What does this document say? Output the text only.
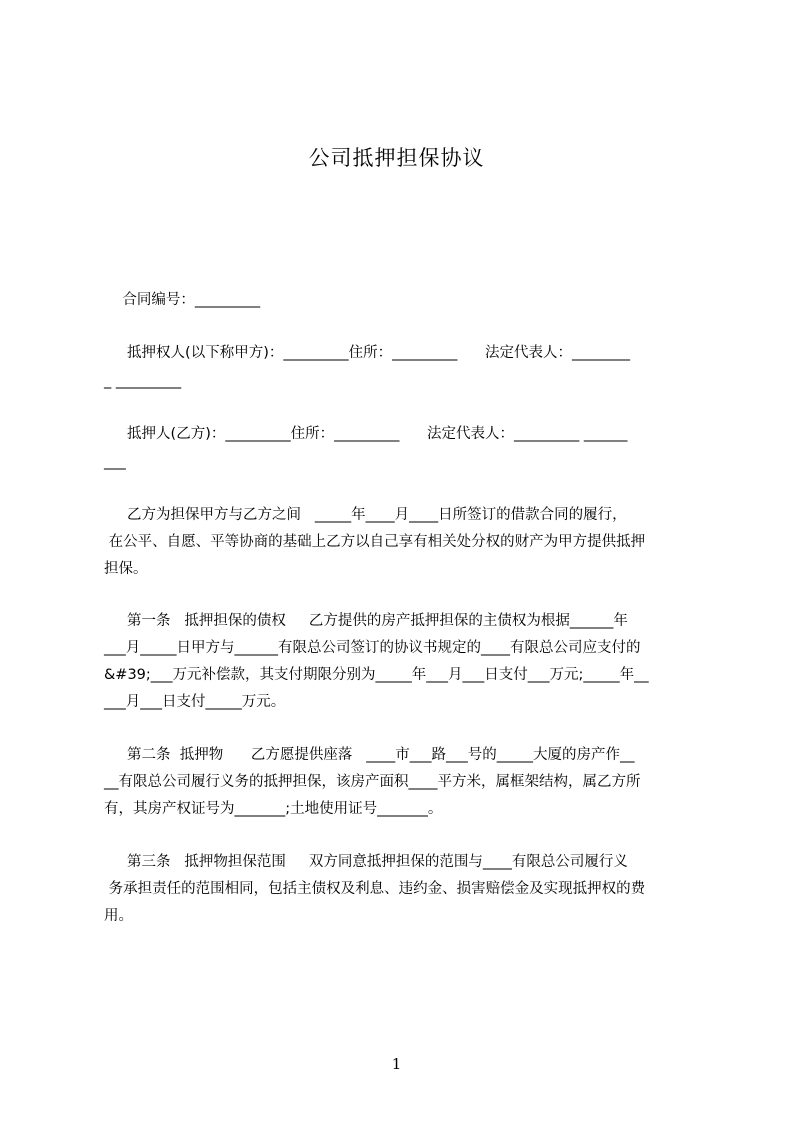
公司抵押担保协议
合同编号：_________
抵押权人(以下称甲方)：_________住所：_________      法定代表人：________
_ _________
抵押人(乙方)：_________住所：_________      法定代表人：_________ ______
___
乙方为担保甲方与乙方之间   _____年____月____日所签订的借款合同的履行，
在公平、自愿、平等协商的基础上乙方以自己享有相关处分权的财产为甲方提供抵押
担保。
第一条   抵押担保的债权     乙方提供的房产抵押担保的主债权为根据______年
___月_____日甲方与______有限总公司签订的协议书规定的____有限总公司应支付的
&#39;___万元补偿款，其支付期限分别为_____年___月___日支付___万元;_____年__
___月___日支付_____万元。
第二条  抵押物      乙方愿提供座落   ____市___路___号的_____大厦的房产作__
__有限总公司履行义务的抵押担保，该房产面积____平方米，属框架结构，属乙方所
有，其房产权证号为_______;土地使用证号_______。
第三条   抵押物担保范围     双方同意抵押担保的范围与____有限总公司履行义
务承担责任的范围相同，包括主债权及利息、违约金、损害赔偿金及实现抵押权的费
用。
1
